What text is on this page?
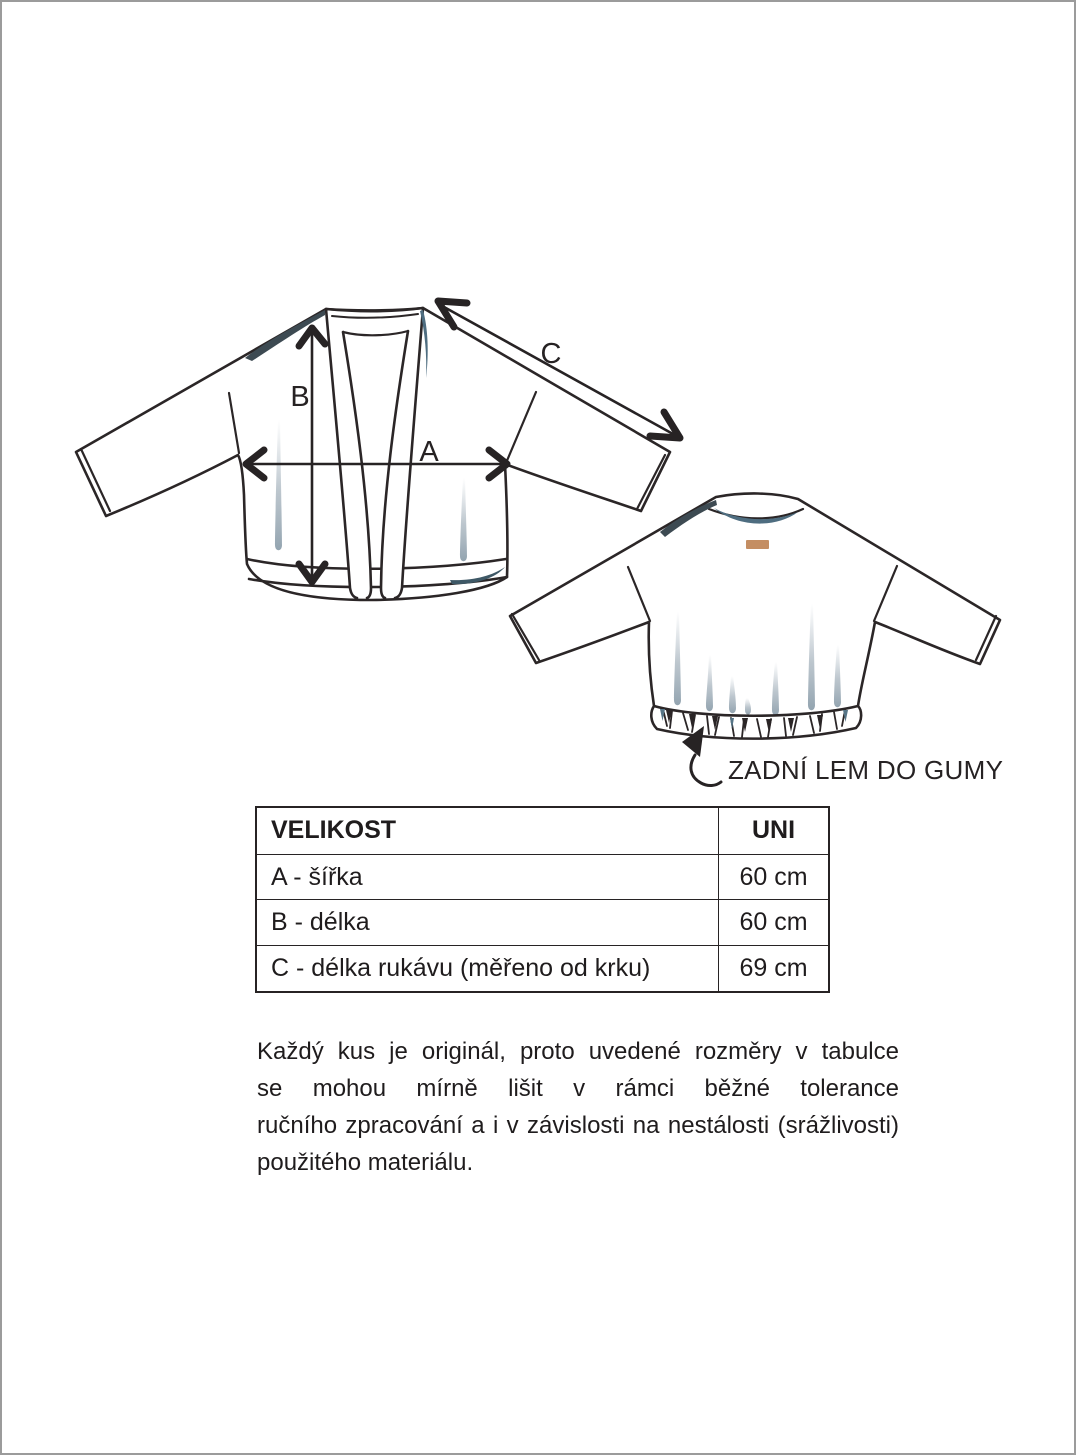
B
A
C
ZADNÍ LEM DO GUMY
VELIKOST	UNI
A - šířka	60 cm
B - délka	60 cm
C - délka rukávu (měřeno od krku)	69 cm
Každý kus je originál, proto uvedené rozměry v tabulce
se mohou mírně lišit v rámci běžné tolerance
ručního zpracování a i v závislosti na nestálosti (srážlivosti)
použitého materiálu.
